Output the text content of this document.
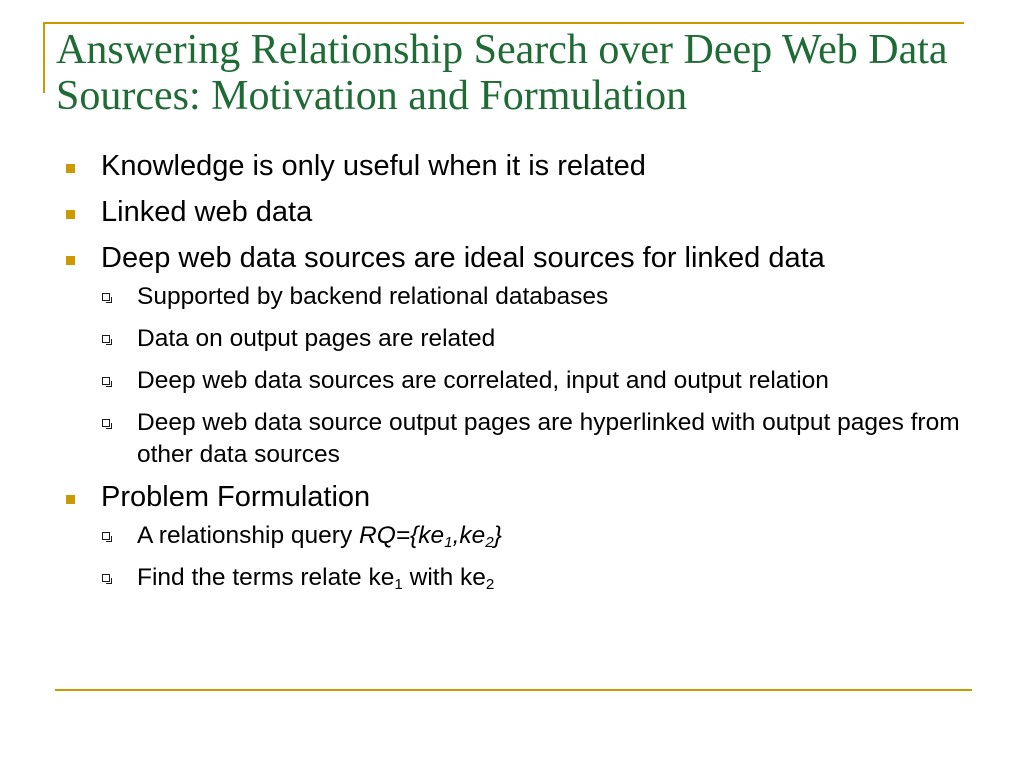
Answering Relationship Search over Deep Web Data Sources: Motivation and Formulation
Knowledge is only useful when it is related
Linked web data
Deep web data sources are ideal sources for linked data
Supported by backend relational databases
Data on output pages are related
Deep web data sources are correlated, input and output relation
Deep web data source output pages are hyperlinked with output pages from other data sources
Problem Formulation
A relationship query $RQ=\{ke_1,ke_2\}$
Find the terms relate $ke_1$ with $ke_2$
